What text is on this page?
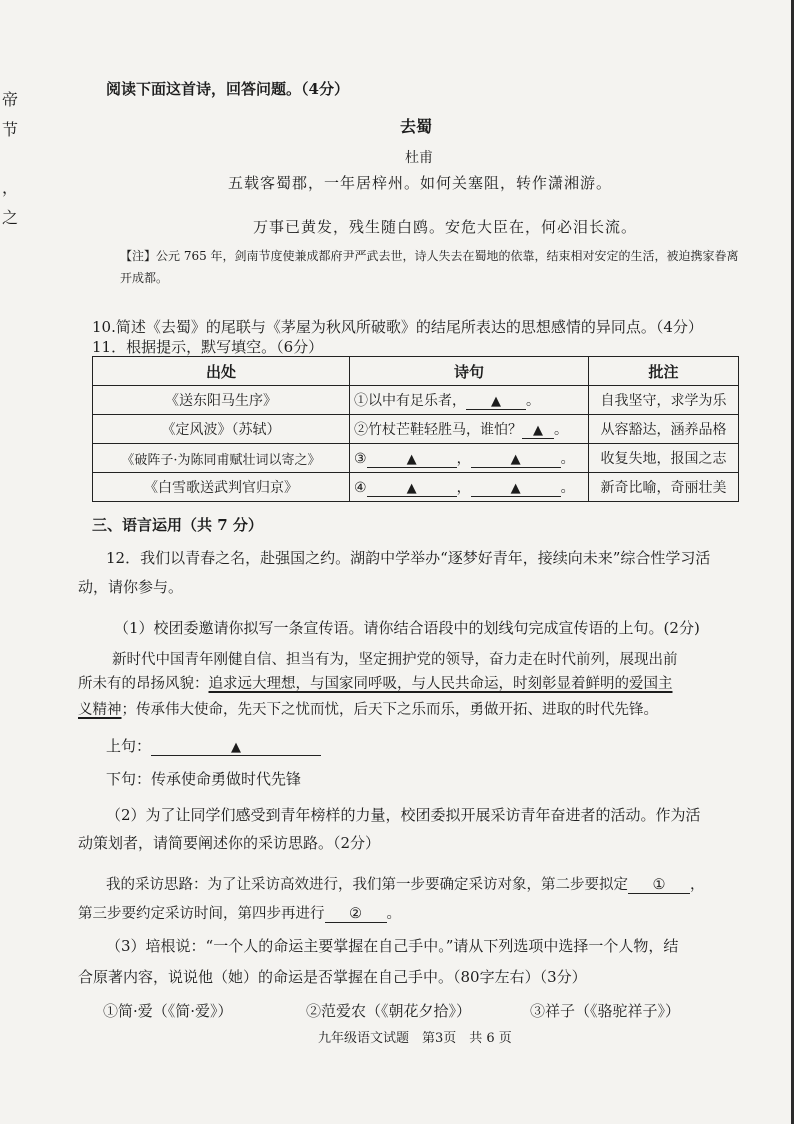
帝
节
，
之
阅读下面这首诗，回答问题。（4分）
去蜀
杜甫
五载客蜀郡，一年居梓州。如何关塞阻，转作潇湘游。
万事已黄发，残生随白鸥。安危大臣在，何必泪长流。
【注】公元 765 年，剑南节度使兼成都府尹严武去世，诗人失去在蜀地的依靠，结束相对安定的生活，被迫携家眷离开成都。
10.简述《去蜀》的尾联与《茅屋为秋风所破歌》的结尾所表达的思想感情的异同点。（4分）
11．根据提示，默写填空。（6分）
出处	诗句	批注
《送东阳马生序》	①以中有足乐者， ▲ 。	自我坚守，求学为乐
《定风波》（苏轼）	②竹杖芒鞋轻胜马，谁怕？ ▲ 。	从容豁达，涵养品格
《破阵子·为陈同甫赋壮词以寄之》	③ ▲ ， ▲ 。	收复失地，报国之志
《白雪歌送武判官归京》	④ ▲ ， ▲ 。	新奇比喻，奇丽壮美
三、语言运用（共 7 分）
12．我们以青春之名，赴强国之约。湖韵中学举办“逐梦好青年，接续向未来”综合性学习活
动，请你参与。
（1）校团委邀请你拟写一条宣传语。请你结合语段中的划线句完成宣传语的上句。(2分)
新时代中国青年刚健自信、担当有为，坚定拥护党的领导，奋力走在时代前列，展现出前
所未有的昂扬风貌：追求远大理想，与国家同呼吸，与人民共命运，时刻彰显着鲜明的爱国主
义精神；传承伟大使命，先天下之忧而忧，后天下之乐而乐，勇做开拓、进取的时代先锋。
上句：	▲
下句：传承使命勇做时代先锋
（2）为了让同学们感受到青年榜样的力量，校团委拟开展采访青年奋进者的活动。作为活
动策划者，请简要阐述你的采访思路。（2分）
我的采访思路：为了让采访高效进行，我们第一步要确定采访对象，第二步要拟定 ① ，
第三步要约定采访时间，第四步再进行 ② 。
（3）培根说：“一个人的命运主要掌握在自己手中。”请从下列选项中选择一个人物，结
合原著内容，说说他（她）的命运是否掌握在自己手中。（80字左右）（3分）
①简·爱（《简·爱》）	②范爱农（《朝花夕拾》）	③祥子（《骆驼祥子》）
九年级语文试题　第3页　共 6 页
